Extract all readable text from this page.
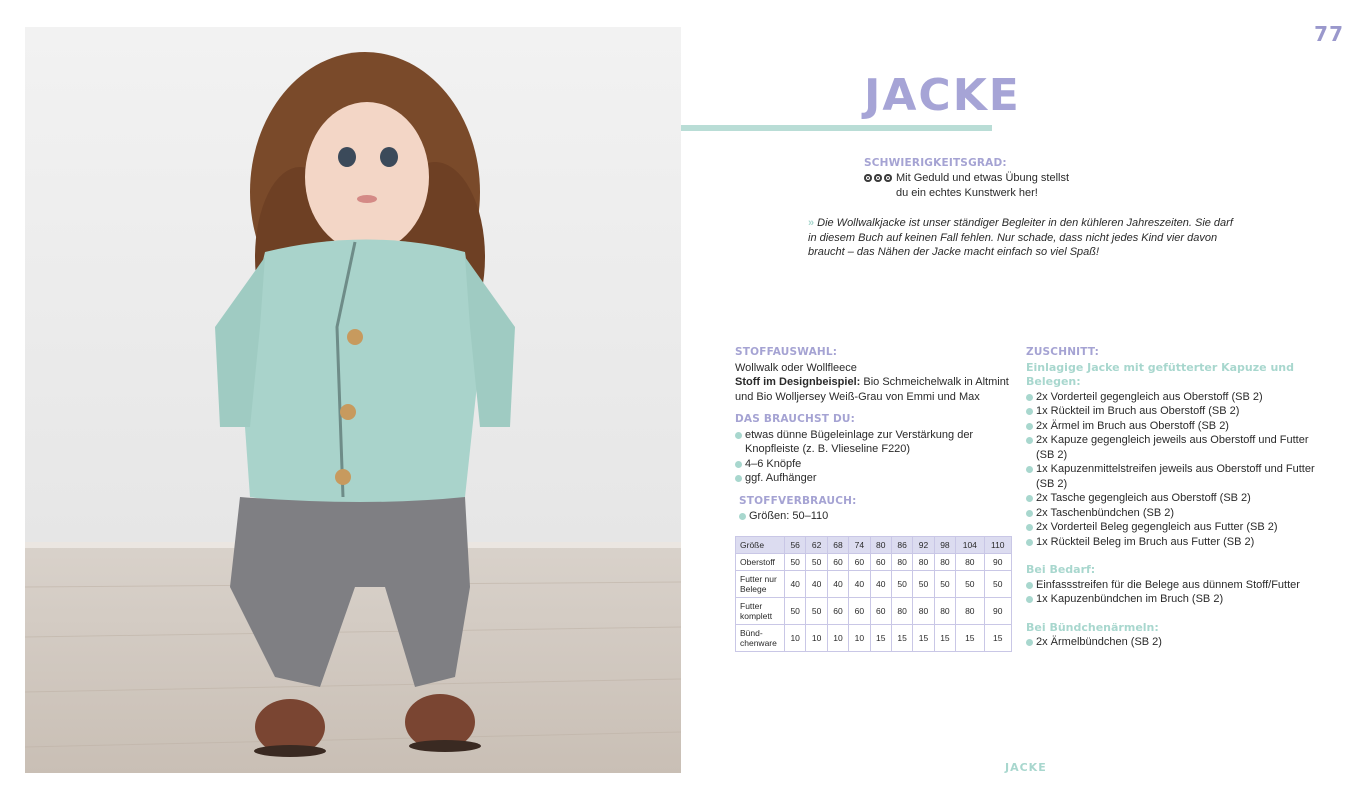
77
JACKE
SCHWIERIGKEITSGRAD:
Mit Geduld und etwas Übung stellst
du ein echtes Kunstwerk her!
» Die Wollwalkjacke ist unser ständiger Begleiter in den kühleren Jahreszeiten. Sie darf in diesem Buch auf keinen Fall fehlen. Nur schade, dass nicht jedes Kind vier davon braucht – das Nähen der Jacke macht einfach so viel Spaß!
STOFFAUSWAHL:
Wollwalk oder Wollfleece
Stoff im Designbeispiel: Bio Schmeichelwalk in Altmint und Bio Wolljersey Weiß-Grau von Emmi und Max
DAS BRAUCHST DU:
etwas dünne Bügeleinlage zur Verstärkung der Knopfleiste (z. B. Vlieseline F220)
4–6 Knöpfe
ggf. Aufhänger
STOFFVERBRAUCH:
Größen: 50–110
Größe	56	62	68	74	80	86	92	98	104	110
Oberstoff	50	50	60	60	60	80	80	80	80	90
Futter nur Belege	40	40	40	40	40	50	50	50	50	50
Futter komplett	50	50	60	60	60	80	80	80	80	90
Bünd-chenware	10	10	10	10	15	15	15	15	15	15
ZUSCHNITT:
Einlagige Jacke mit gefütterter Kapuze und Belegen:
2x Vorderteil gegengleich aus Oberstoff (SB 2)
1x Rückteil im Bruch aus Oberstoff (SB 2)
2x Ärmel im Bruch aus Oberstoff (SB 2)
2x Kapuze gegengleich jeweils aus Oberstoff und Futter (SB 2)
1x Kapuzenmittelstreifen jeweils aus Oberstoff und Futter (SB 2)
2x Tasche gegengleich aus Oberstoff (SB 2)
2x Taschenbündchen (SB 2)
2x Vorderteil Beleg gegengleich aus Futter (SB 2)
1x Rückteil Beleg im Bruch aus Futter (SB 2)
Bei Bedarf:
Einfassstreifen für die Belege aus dünnem Stoff/Futter
1x Kapuzenbündchen im Bruch (SB 2)
Bei Bündchenärmeln:
2x Ärmelbündchen (SB 2)
JACKE
